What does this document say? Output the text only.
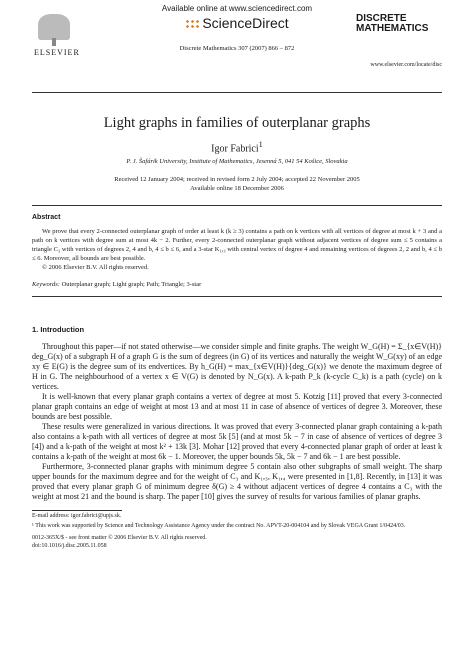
ELSEVIER
Available online at www.sciencedirect.com
ScienceDirect
Discrete Mathematics 307 (2007) 866 – 872
DISCRETE
MATHEMATICS
www.elsevier.com/locate/disc
Light graphs in families of outerplanar graphs
Igor Fabrici$^1$
P. J. Šafárik University, Institute of Mathematics, Jesenná 5, 041 54 Košice, Slovakia
Received 12 January 2004; received in revised form 2 July 2004; accepted 22 November 2005
Available online 18 December 2006
Abstract
We prove that every 2-connected outerplanar graph of order at least k (k ≥ 3) contains a path on k vertices with all vertices of degree at most k + 3 and a path on k vertices with degree sum at most 4k − 2. Further, every 2-connected outerplanar graph without adjacent vertices of degree sum ≤ 5 contains a triangle C₃ with vertices of degrees 2, 4 and b, 4 ≤ b ≤ 6, and a 3-star K₁,₃ with central vertex of degree 4 and remaining vertices of degrees 2, 2 and b, 4 ≤ b ≤ 6. Moreover, all bounds are best possible.
© 2006 Elsevier B.V. All rights reserved.
Keywords: Outerplanar graph; Light graph; Path; Triangle; 3-star
1. Introduction
Throughout this paper—if not stated otherwise—we consider simple and finite graphs. The weight W_G(H) = Σ_{x∈V(H)} deg_G(x) of a subgraph H of a graph G is the sum of degrees (in G) of its vertices and naturally the weight W_G(xy) of an edge xy ∈ E(G) is the degree sum of its endvertices. By h_G(H) = max_{x∈V(H)}{deg_G(x)} we denote the maximum degree of H in G. The neighbourhood of a vertex x ∈ V(G) is denoted by N_G(x). A k-path P_k (k-cycle C_k) is a path (cycle) on k vertices.
It is well-known that every planar graph contains a vertex of degree at most 5. Kotzig [11] proved that every 3-connected planar graph contains an edge of weight at most 13 and at most 11 in case of absence of vertices of degree 3. Moreover, these bounds are best possible.
These results were generalized in various directions. It was proved that every 3-connected planar graph containing a k-path also contains a k-path with all vertices of degree at most 5k [5] (and at most 5k − 7 in case of absence of vertices of degree 3 [4]) and a k-path of the weight at most k² + 13k [3]. Mohar [12] proved that every 4-connected planar graph of order at least k contains a k-path of the weight at most 6k − 1. Moreover, the upper bounds 5k, 5k − 7 and 6k − 1 are best possible.
Furthermore, 3-connected planar graphs with minimum degree 5 contain also other subgraphs of small weight. The sharp upper bounds for the maximum degree and for the weight of C₃ and K₁,₃, K₁,₄ were presented in [1,8]. Recently, in [13] it was proved that every planar graph G of minimum degree δ(G) ≥ 4 without adjacent vertices of degree 4 contains a C₃ with the weight at most 21 and the bound is sharp. The paper [10] gives the survey of results for various families of planar graphs.
E-mail address: igor.fabrici@upjs.sk.
¹ This work was supported by Science and Technology Assistance Agency under the contract No. APVT-20-004104 and by Slovak VEGA Grant 1/0424/03.
0012-365X/$ - see front matter © 2006 Elsevier B.V. All rights reserved.
doi:10.1016/j.disc.2005.11.058
